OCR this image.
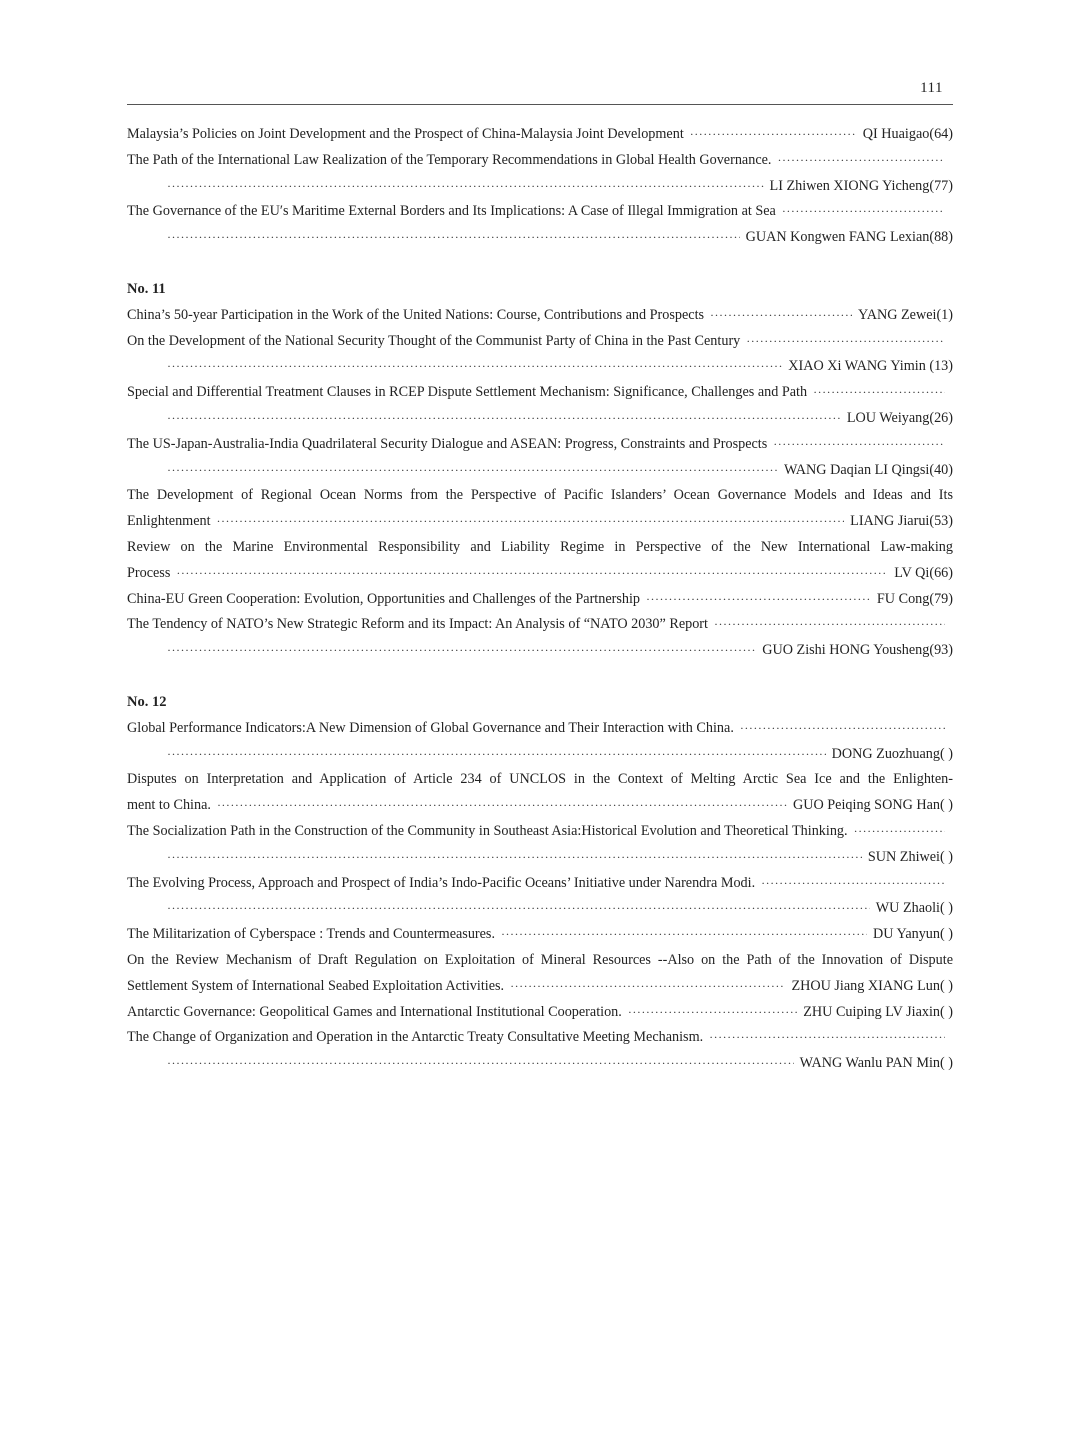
111
Malaysia’s Policies on Joint Development and the Prospect of China-Malaysia Joint Development ·····	QI Huaigao(64)
The Path of the International Law Realization of the Temporary Recommendations in Global Health Governance.
·····
·····
LI Zhiwen XIONG Yicheng(77)
The Governance of the EU′s Maritime External Borders and Its Implications: A Case of Illegal Immigration at Sea
·····
·····
GUAN Kongwen FANG Lexian(88)
No. 11
China’s 50-year Participation in the Work of the United Nations: Course, Contributions and Prospects ·····	YANG Zewei(1)
On the Development of the National Security Thought of the Communist Party of China in the Past Century
·····
·····
XIAO Xi WANG Yimin (13)
Special and Differential Treatment Clauses in RCEP Dispute Settlement Mechanism: Significance, Challenges and Path
·····
·····
LOU Weiyang(26)
The US-Japan-Australia-India Quadrilateral Security Dialogue and ASEAN: Progress, Constraints and Prospects
·····
·····
WANG Daqian LI Qingsi(40)
The Development of Regional Ocean Norms from the Perspective of Pacific Islanders’ Ocean Governance Models and Ideas and Its
Enlightenment ·····	LIANG Jiarui(53)
Review on the Marine Environmental Responsibility and Liability Regime in Perspective of the New International Law-making
Process ·····	LV Qi(66)
China-EU Green Cooperation: Evolution, Opportunities and Challenges of the Partnership ·····	FU Cong(79)
The Tendency of NATO’s New Strategic Reform and its Impact: An Analysis of “NATO 2030” Report
·····
·····
GUO Zishi HONG Yousheng(93)
No. 12
Global Performance Indicators:A New Dimension of Global Governance and Their Interaction with China.
·····
·····
DONG Zuozhuang( )
Disputes on Interpretation and Application of Article 234 of UNCLOS in the Context of Melting Arctic Sea Ice and the Enlighten-
ment to China. ·····	GUO Peiqing SONG Han( )
The Socialization Path in the Construction of the Community in Southeast Asia:Historical Evolution and Theoretical Thinking.
·····
·····
SUN Zhiwei( )
The Evolving Process, Approach and Prospect of India’s Indo-Pacific Oceans’ Initiative under Narendra Modi.
·····
·····
WU Zhaoli( )
The Militarization of Cyberspace : Trends and Countermeasures. ·····	DU Yanyun( )
On the Review Mechanism of Draft Regulation on Exploitation of Mineral Resources --Also on the Path of the Innovation of Dispute
Settlement System of International Seabed Exploitation Activities. ·····	ZHOU Jiang XIANG Lun( )
Antarctic Governance: Geopolitical Games and International Institutional Cooperation. ·····	ZHU Cuiping LV Jiaxin( )
The Change of Organization and Operation in the Antarctic Treaty Consultative Meeting Mechanism.
·····
·····
WANG Wanlu PAN Min( )
